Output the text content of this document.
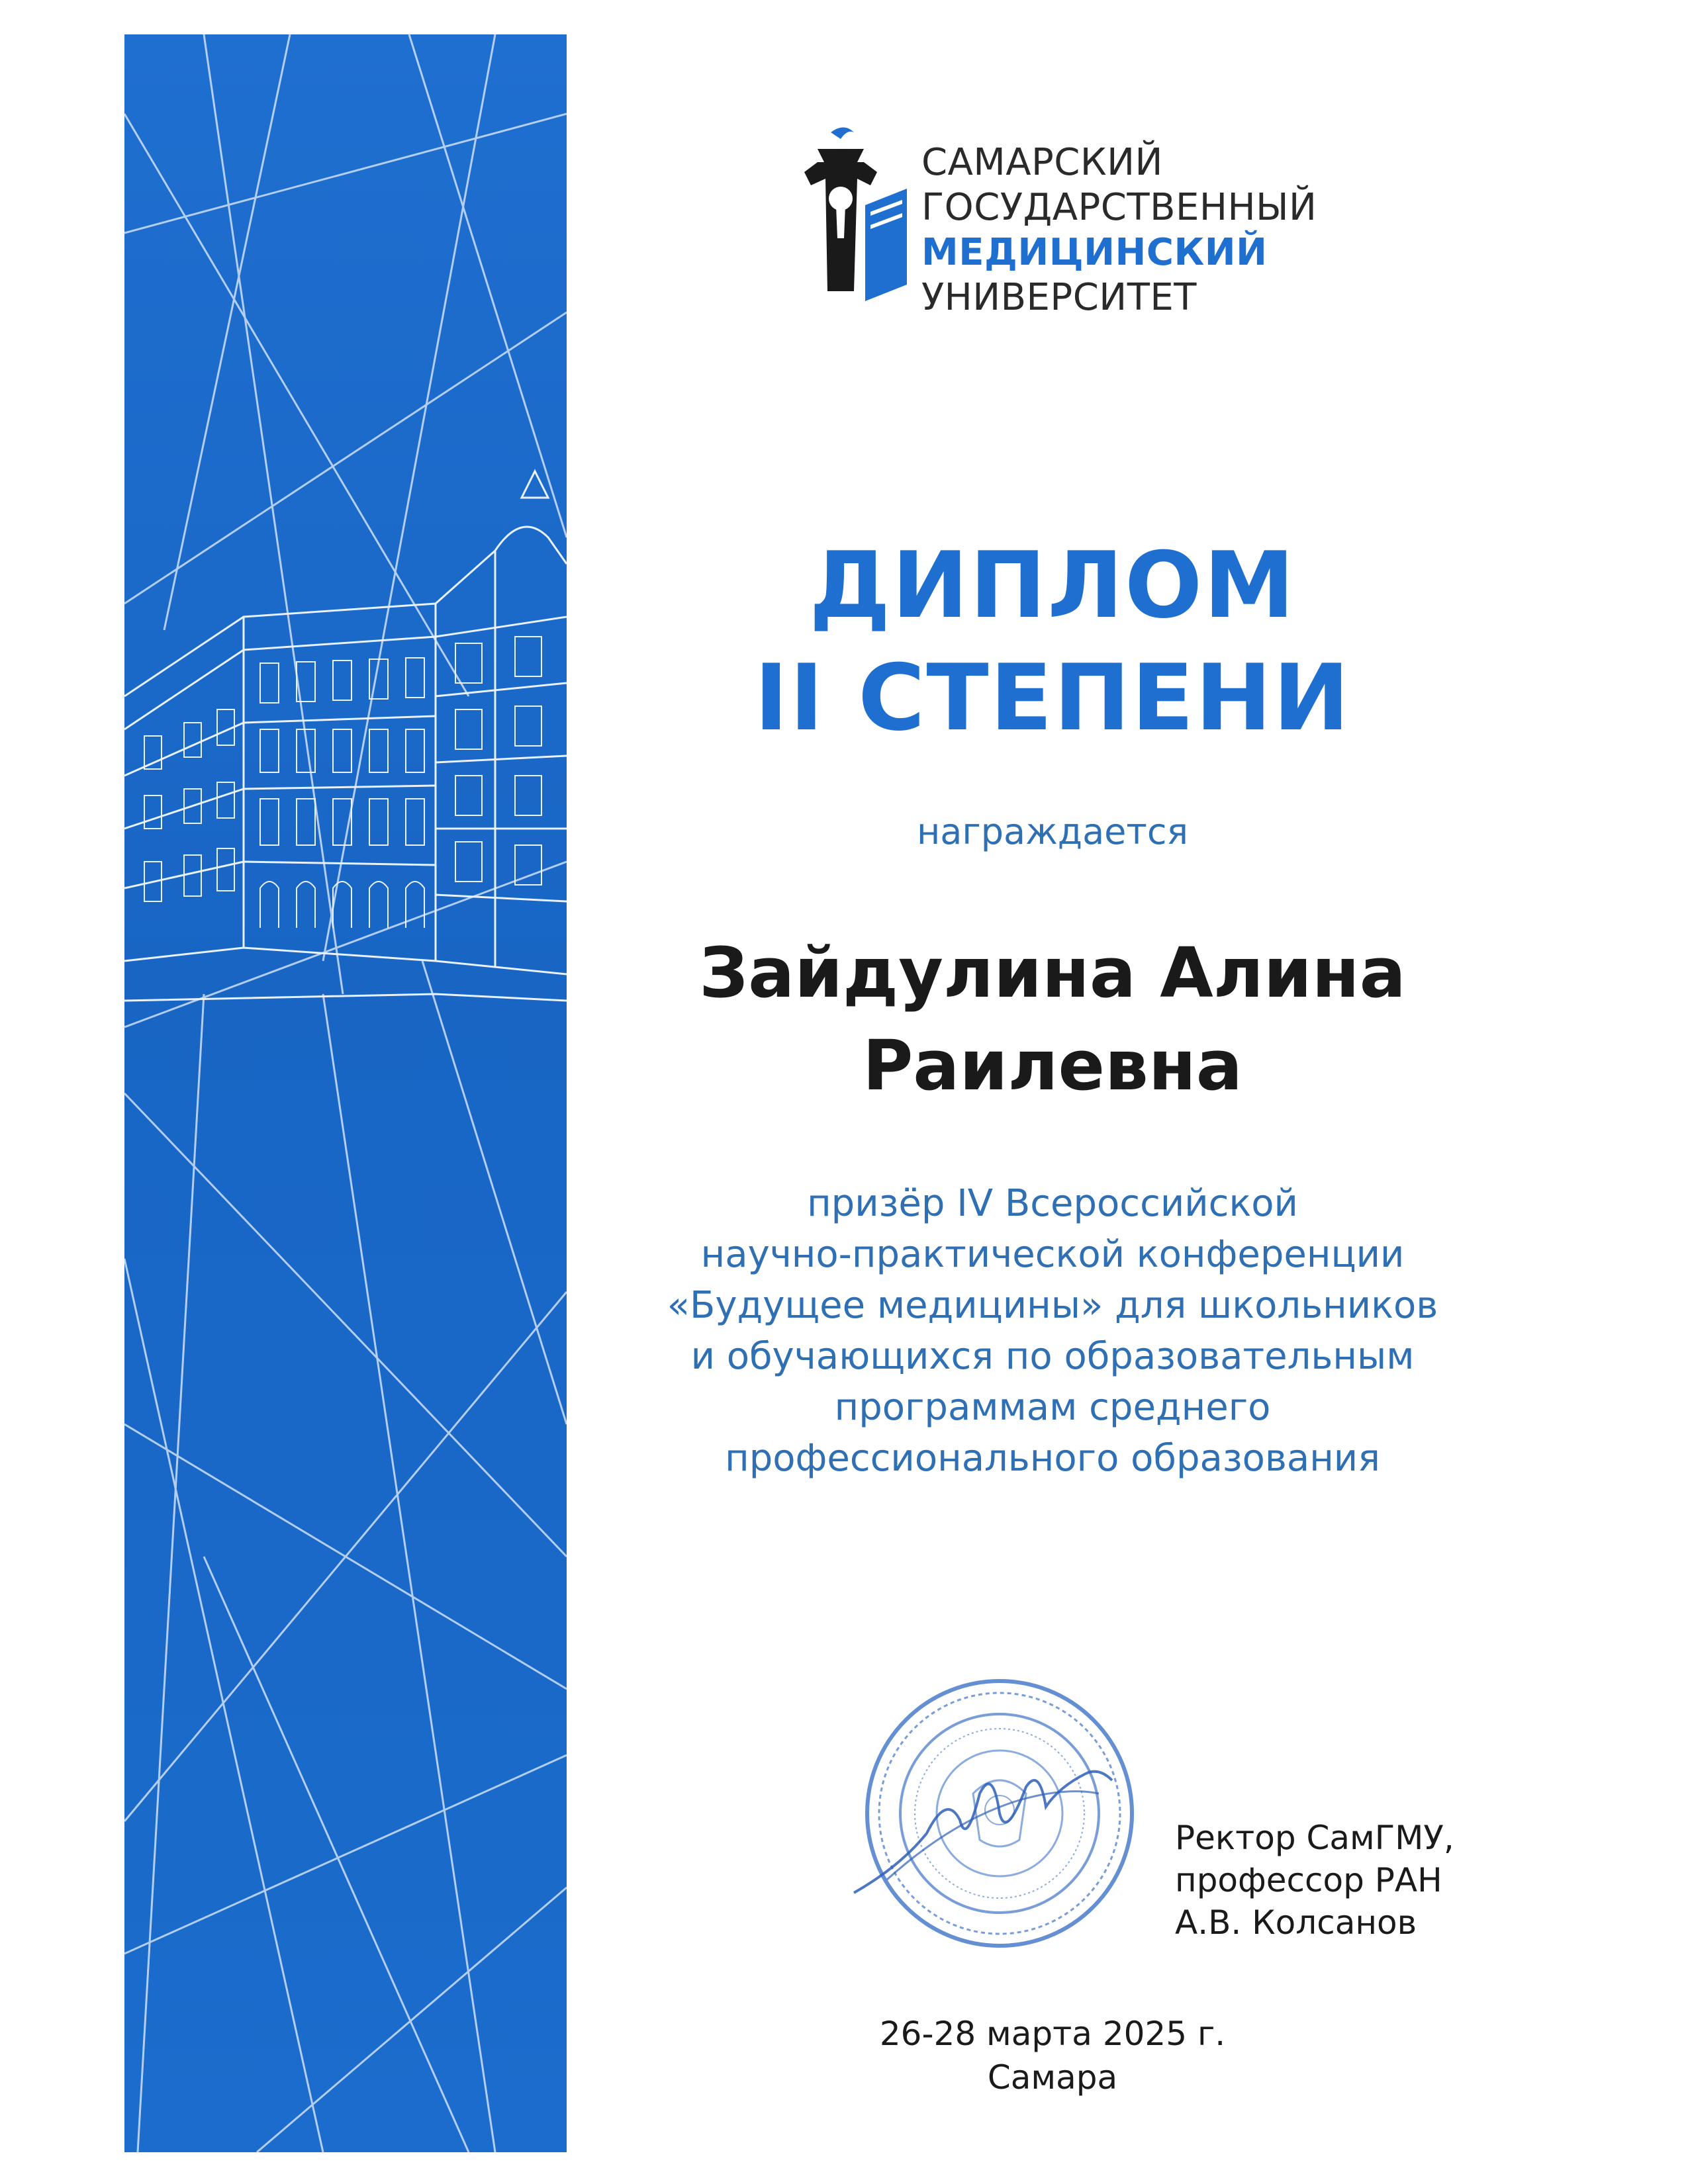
САМАРСКИЙ
ГОСУДАРСТВЕННЫЙ
МЕДИЦИНСКИЙ
УНИВЕРСИТЕТ
ДИПЛОМ
II СТЕПЕНИ
награждается
Зайдулина Алина
Раилевна
призёр IV Всероссийской
научно-практической конференции
«Будущее медицины» для школьников
и обучающихся по образовательным
программам среднего
профессионального образования
Ректор СамГМУ,
профессор РАН
А.В. Колсанов
26-28 марта 2025 г.
Самара
